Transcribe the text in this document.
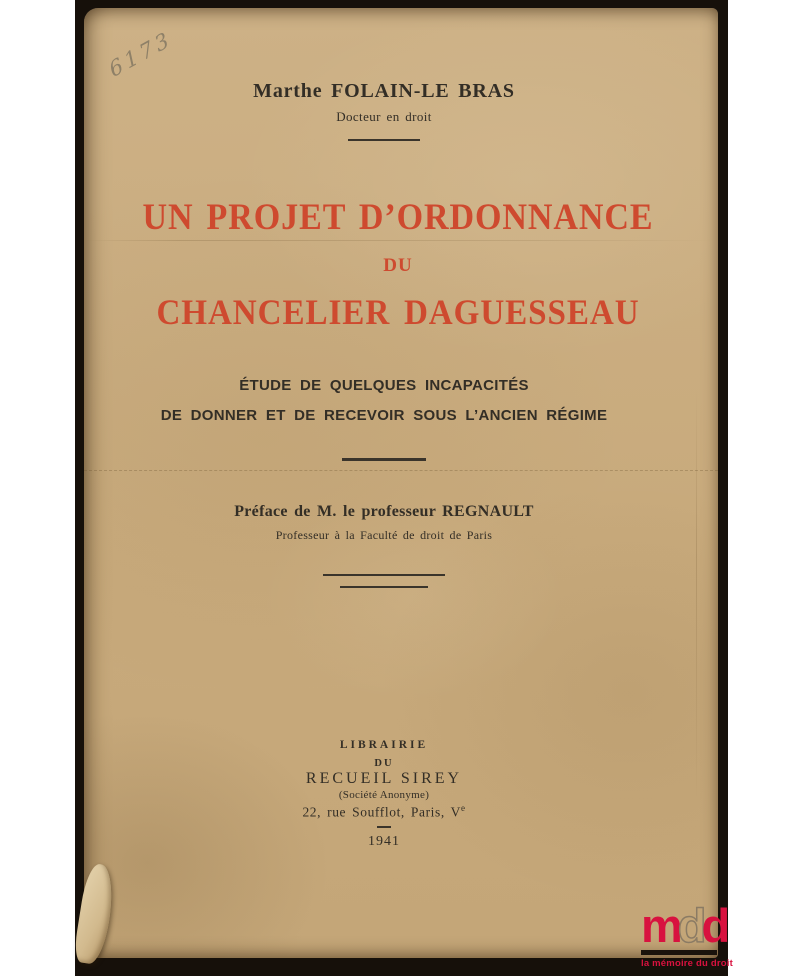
6173
Marthe FOLAIN-LE BRAS
Docteur en droit
UN PROJET D’ORDONNANCE
DU
CHANCELIER DAGUESSEAU
ÉTUDE DE QUELQUES INCAPACITÉS
DE DONNER ET DE RECEVOIR SOUS L’ANCIEN RÉGIME
Préface de M. le professeur REGNAULT
Professeur à la Faculté de droit de Paris
LIBRAIRIE
DU
RECUEIL SIREY
(Société Anonyme)
22, rue Soufflot, Paris, Ve
1941
mdd
la mémoire du droit
